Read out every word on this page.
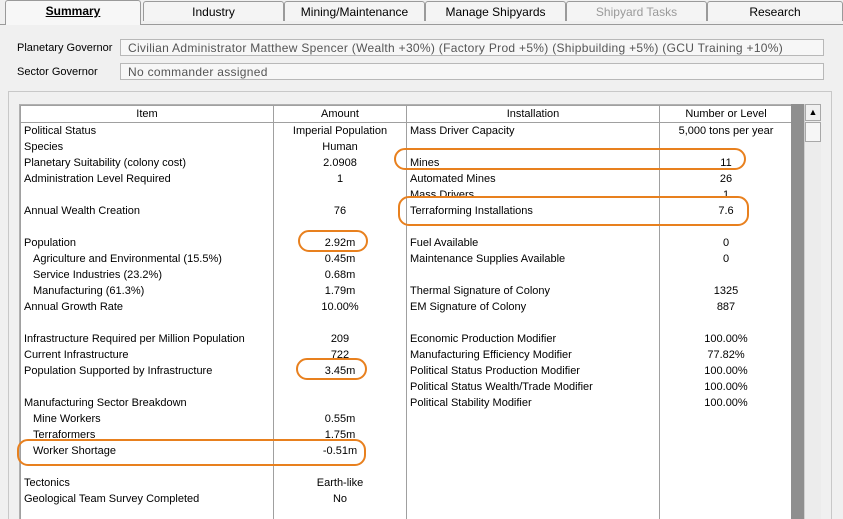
Summary	Industry	Mining/Maintenance	Manage Shipyards	Shipyard Tasks	Research
Planetary Governor	Civilian Administrator Matthew Spencer (Wealth +30%) (Factory Prod +5%) (Shipbuilding +5%) (GCU Training +10%)
Sector Governor	No commander assigned
Item	Amount	Installation	Number or Level
Political Status	Imperial Population	Mass Driver Capacity	5,000 tons per year
Species	Human		
Planetary Suitability (colony cost)	2.0908	Mines	11
Administration Level Required	1	Automated Mines	26
		Mass Drivers	1
Annual Wealth Creation	76	Terraforming Installations	7.6

Population	2.92m	Fuel Available	0
Agriculture and Environmental (15.5%)	0.45m	Maintenance Supplies Available	0
Service Industries (23.2%)	0.68m		
Manufacturing (61.3%)	1.79m	Thermal Signature of Colony	1325
Annual Growth Rate	10.00%	EM Signature of Colony	887

Infrastructure Required per Million Population	209	Economic Production Modifier	100.00%
Current Infrastructure	722	Manufacturing Efficiency Modifier	77.82%
Population Supported by Infrastructure	3.45m	Political Status Production Modifier	100.00%
		Political Status Wealth/Trade Modifier	100.00%
Manufacturing Sector Breakdown		Political Stability Modifier	100.00%
Mine Workers	0.55m		
Terraformers	1.75m		
Worker Shortage	-0.51m		

Tectonics	Earth-like		
Geological Team Survey Completed	No		

▲
